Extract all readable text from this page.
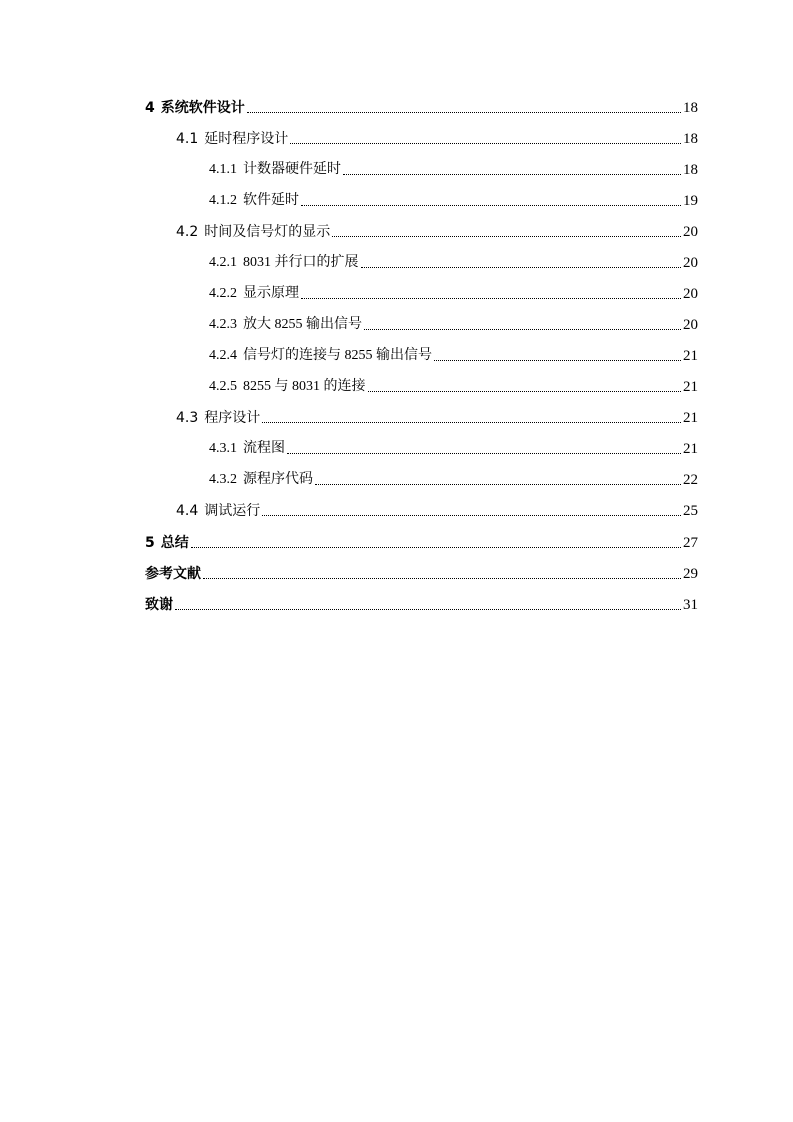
4 系统软件设计	18
4.1 延时程序设计	18
4.1.1 计数器硬件延时	18
4.1.2 软件延时	19
4.2 时间及信号灯的显示	20
4.2.1 8031 并行口的扩展	20
4.2.2 显示原理	20
4.2.3 放大 8255 输出信号	20
4.2.4 信号灯的连接与 8255 输出信号	21
4.2.5 8255 与 8031 的连接	21
4.3 程序设计	21
4.3.1 流程图	21
4.3.2 源程序代码	22
4.4 调试运行	25
5 总结	27
参考文献	29
致谢	31
